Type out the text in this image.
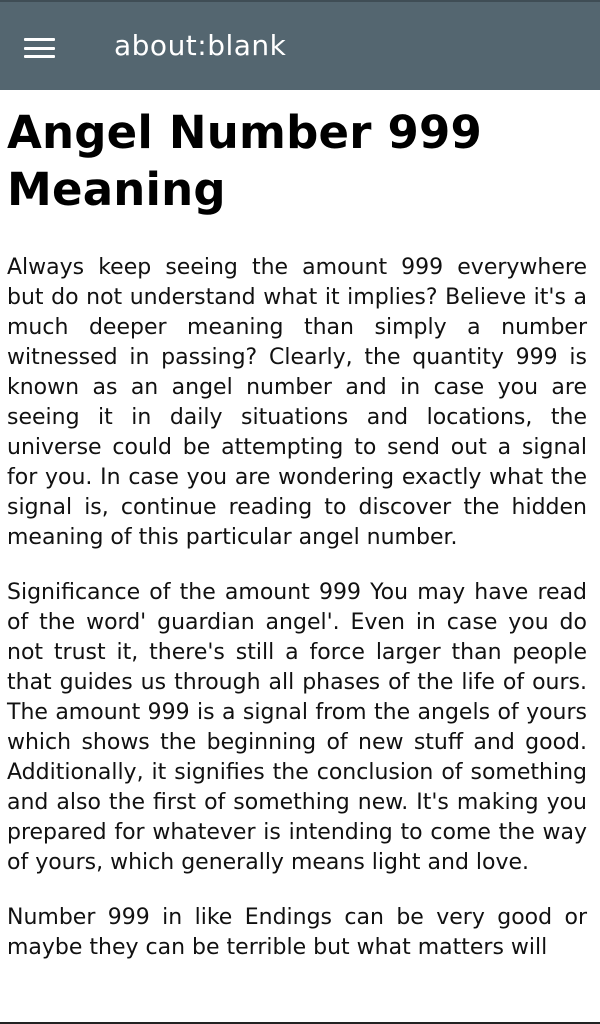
about:blank
Angel Number 999 Meaning

Always keep seeing the amount 999 everywhere but do not understand what it implies? Believe it's a much deeper meaning than simply a number witnessed in passing? Clearly, the quantity 999 is known as an angel number and in case you are seeing it in daily situations and locations, the universe could be attempting to send out a signal for you. In case you are wondering exactly what the signal is, continue reading to discover the hidden meaning of this particular angel number.

Significance of the amount 999 You may have read of the word' guardian angel'. Even in case you do not trust it, there's still a force larger than people that guides us through all phases of the life of ours. The amount 999 is a signal from the angels of yours which shows the beginning of new stuff and good. Additionally, it signifies the conclusion of something and also the first of something new. It's making you prepared for whatever is intending to come the way of yours, which generally means light and love.

Number 999 in like Endings can be very good or maybe they can be terrible but what matters will
